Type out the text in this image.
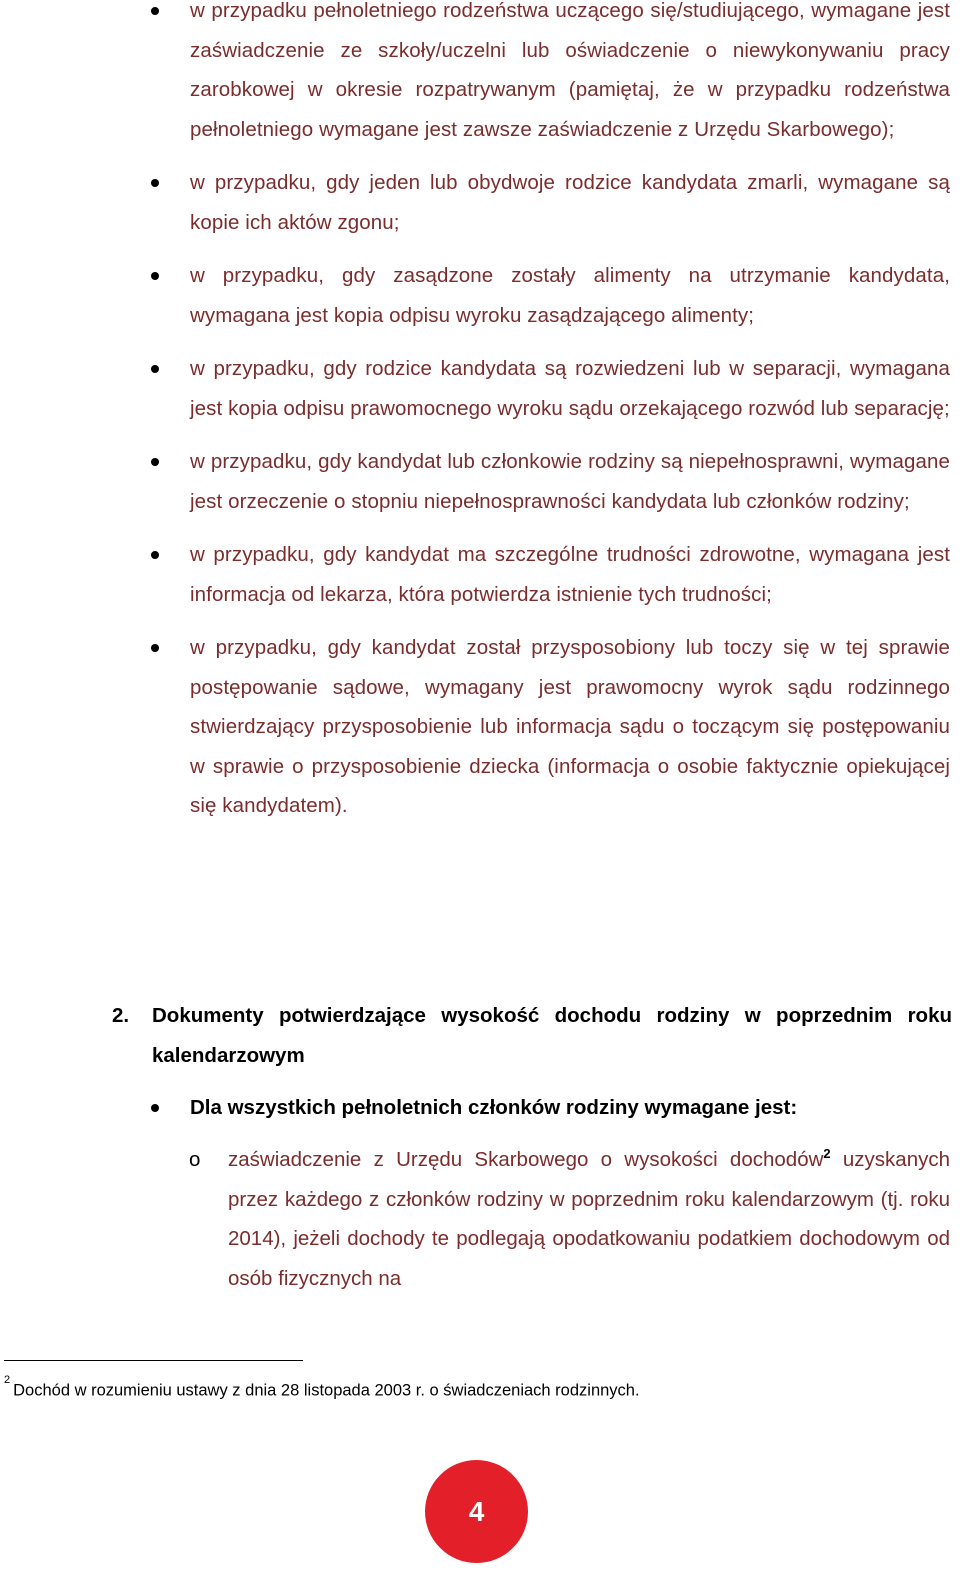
w przypadku pełnoletniego rodzeństwa uczącego się/studiującego, wymagane jest zaświadczenie ze szkoły/uczelni lub oświadczenie o niewykonywaniu pracy zarobkowej w okresie rozpatrywanym (pamiętaj, że w przypadku rodzeństwa pełnoletniego wymagane jest zawsze zaświadczenie z Urzędu Skarbowego);
w przypadku, gdy jeden lub obydwoje rodzice kandydata zmarli, wymagane są kopie ich aktów zgonu;
w przypadku, gdy zasądzone zostały alimenty na utrzymanie kandydata, wymagana jest kopia odpisu wyroku zasądzającego alimenty;
w przypadku, gdy rodzice kandydata są rozwiedzeni lub w separacji, wymagana jest kopia odpisu prawomocnego wyroku sądu orzekającego rozwód lub separację;
w przypadku, gdy kandydat lub członkowie rodziny są niepełnosprawni, wymagane jest orzeczenie o stopniu niepełnosprawności kandydata lub członków rodziny;
w przypadku, gdy kandydat ma szczególne trudności zdrowotne, wymagana jest informacja od lekarza, która potwierdza istnienie tych trudności;
w przypadku, gdy kandydat został przysposobiony lub toczy się w tej sprawie postępowanie sądowe, wymagany jest prawomocny wyrok sądu rodzinnego stwierdzający przysposobienie lub informacja sądu o toczącym się postępowaniu w sprawie o przysposobienie dziecka (informacja o osobie faktycznie opiekującej się kandydatem).
2. Dokumenty potwierdzające wysokość dochodu rodziny w poprzednim roku kalendarzowym
Dla wszystkich pełnoletnich członków rodziny wymagane jest:
o zaświadczenie z Urzędu Skarbowego o wysokości dochodów$^2$ uzyskanych przez każdego z członków rodziny w poprzednim roku kalendarzowym (tj. roku 2014), jeżeli dochody te podlegają opodatkowaniu podatkiem dochodowym od osób fizycznych na
$^2$Dochód w rozumieniu ustawy z dnia 28 listopada 2003 r. o świadczeniach rodzinnych.
4
